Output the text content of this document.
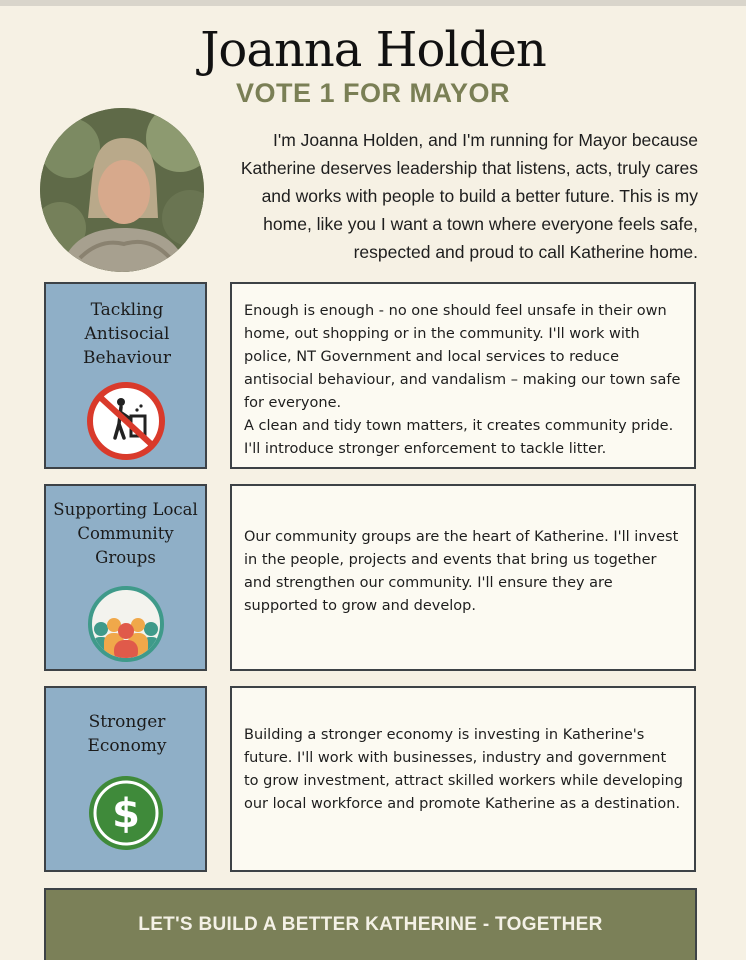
Joanna Holden
VOTE 1 FOR MAYOR
I'm Joanna Holden, and I'm running for Mayor because Katherine deserves leadership that listens, acts, truly cares and works with people to build a better future. This is my home, like you I want a town where everyone feels safe, respected and proud to call Katherine home.
Tackling Antisocial Behaviour

Enough is enough - no one should feel unsafe in their own home, out shopping or in the community. I'll work with police, NT Government and local services to reduce antisocial behaviour, and vandalism – making our town safe for everyone.
A clean and tidy town matters, it creates community pride. I'll introduce stronger enforcement to tackle litter.

Supporting Local Community Groups

Our community groups are the heart of Katherine. I'll invest in the people, projects and events that bring us together and strengthen our community. I'll ensure they are supported to grow and develop.

Stronger Economy
$

Building a stronger economy is investing in Katherine's future. I'll work with businesses, industry and government to grow investment, attract skilled workers while developing our local workforce and promote Katherine as a destination.

LET'S BUILD A BETTER KATHERINE - TOGETHER
